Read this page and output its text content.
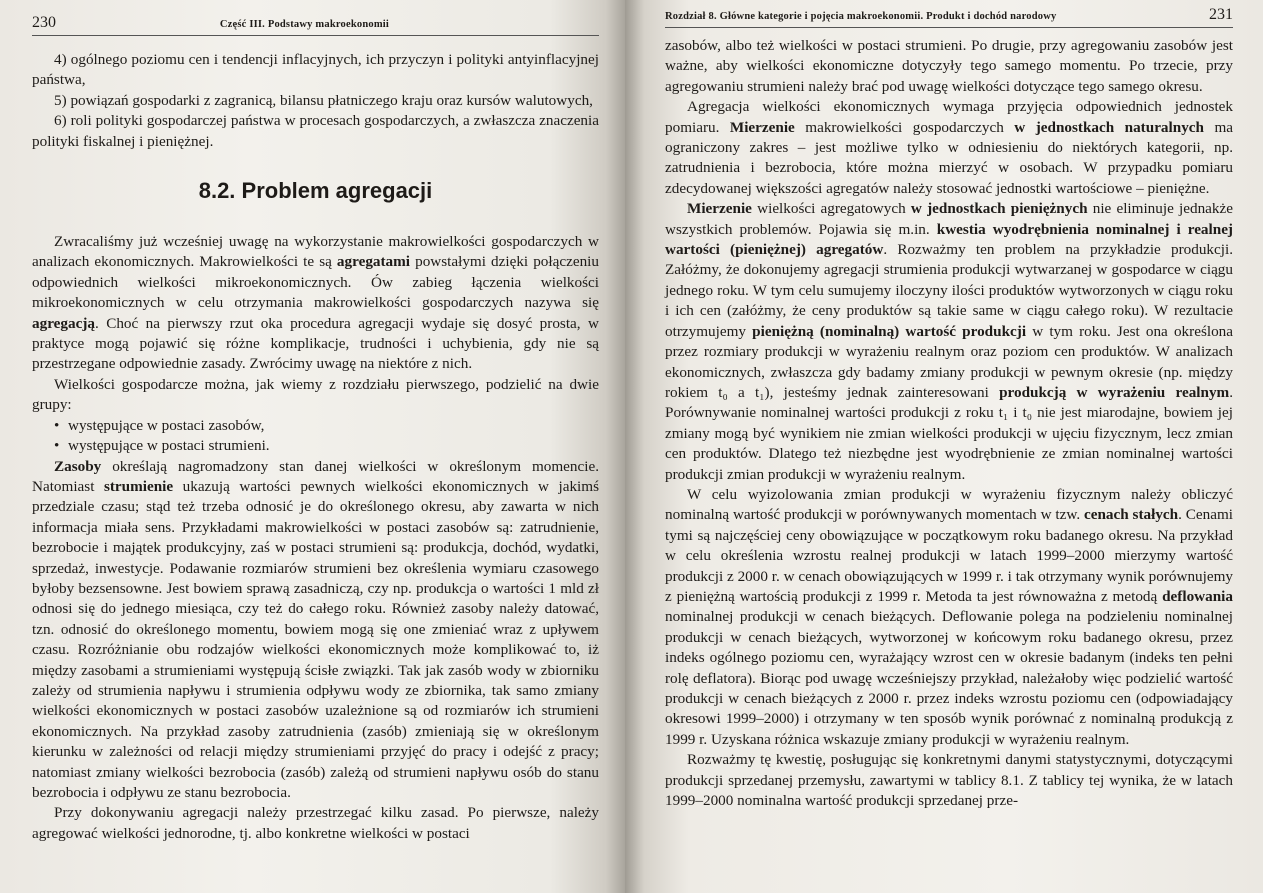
230	Część III. Podstawy makroekonomii

4) ogólnego poziomu cen i tendencji inflacyjnych, ich przyczyn i polityki antyinflacyjnej państwa,

5) powiązań gospodarki z zagranicą, bilansu płatniczego kraju oraz kursów walutowych,

6) roli polityki gospodarczej państwa w procesach gospodarczych, a zwłaszcza znaczenia polityki fiskalnej i pieniężnej.

8.2. Problem agregacji

Zwracaliśmy już wcześniej uwagę na wykorzystanie makrowielkości gospodarczych w analizach ekonomicznych. Makrowielkości te są agregatami powstałymi dzięki połączeniu odpowiednich wielkości mikroekonomicznych. Ów zabieg łączenia wielkości mikroekonomicznych w celu otrzymania makrowielkości gospodarczych nazywa się agregacją. Choć na pierwszy rzut oka procedura agregacji wydaje się dosyć prosta, w praktyce mogą pojawić się różne komplikacje, trudności i uchybienia, gdy nie są przestrzegane odpowiednie zasady. Zwrócimy uwagę na niektóre z nich.

Wielkości gospodarcze można, jak wiemy z rozdziału pierwszego, podzielić na dwie grupy:

• występujące w postaci zasobów,
• występujące w postaci strumieni.

Zasoby określają nagromadzony stan danej wielkości w określonym momencie. Natomiast strumienie ukazują wartości pewnych wielkości ekonomicznych w jakimś przedziale czasu; stąd też trzeba odnosić je do określonego okresu, aby zawarta w nich informacja miała sens. Przykładami makrowielkości w postaci zasobów są: zatrudnienie, bezrobocie i majątek produkcyjny, zaś w postaci strumieni są: produkcja, dochód, wydatki, sprzedaż, inwestycje. Podawanie rozmiarów strumieni bez określenia wymiaru czasowego byłoby bezsensowne. Jest bowiem sprawą zasadniczą, czy np. produkcja o wartości 1 mld zł odnosi się do jednego miesiąca, czy też do całego roku. Również zasoby należy datować, tzn. odnosić do określonego momentu, bowiem mogą się one zmieniać wraz z upływem czasu. Rozróżnianie obu rodzajów wielkości ekonomicznych może komplikować to, iż między zasobami a strumieniami występują ścisłe związki. Tak jak zasób wody w zbiorniku zależy od strumienia napływu i strumienia odpływu wody ze zbiornika, tak samo zmiany wielkości ekonomicznych w postaci zasobów uzależnione są od rozmiarów ich strumieni ekonomicznych. Na przykład zasoby zatrudnienia (zasób) zmieniają się w określonym kierunku w zależności od relacji między strumieniami przyjęć do pracy i odejść z pracy; natomiast zmiany wielkości bezrobocia (zasób) zależą od strumieni napływu osób do stanu bezrobocia i odpływu ze stanu bezrobocia.

Przy dokonywaniu agregacji należy przestrzegać kilku zasad. Po pierwsze, należy agregować wielkości jednorodne, tj. albo konkretne wielkości w postaci

Rozdział 8. Główne kategorie i pojęcia makroekonomii. Produkt i dochód narodowy	231

zasobów, albo też wielkości w postaci strumieni. Po drugie, przy agregowaniu zasobów jest ważne, aby wielkości ekonomiczne dotyczyły tego samego momentu. Po trzecie, przy agregowaniu strumieni należy brać pod uwagę wielkości dotyczące tego samego okresu.

Agregacja wielkości ekonomicznych wymaga przyjęcia odpowiednich jednostek pomiaru. Mierzenie makrowielkości gospodarczych w jednostkach naturalnych ma ograniczony zakres – jest możliwe tylko w odniesieniu do niektórych kategorii, np. zatrudnienia i bezrobocia, które można mierzyć w osobach. W przypadku pomiaru zdecydowanej większości agregatów należy stosować jednostki wartościowe – pieniężne.

Mierzenie wielkości agregatowych w jednostkach pieniężnych nie eliminuje jednakże wszystkich problemów. Pojawia się m.in. kwestia wyodrębnienia nominalnej i realnej wartości (pieniężnej) agregatów. Rozważmy ten problem na przykładzie produkcji. Załóżmy, że dokonujemy agregacji strumienia produkcji wytwarzanej w gospodarce w ciągu jednego roku. W tym celu sumujemy iloczyny ilości produktów wytworzonych w ciągu roku i ich cen (załóżmy, że ceny produktów są takie same w ciągu całego roku). W rezultacie otrzymujemy pieniężną (nominalną) wartość produkcji w tym roku. Jest ona określona przez rozmiary produkcji w wyrażeniu realnym oraz poziom cen produktów. W analizach ekonomicznych, zwłaszcza gdy badamy zmiany produkcji w pewnym okresie (np. między rokiem t₀ a t₁), jesteśmy jednak zainteresowani produkcją w wyrażeniu realnym. Porównywanie nominalnej wartości produkcji z roku t₁ i t₀ nie jest miarodajne, bowiem jej zmiany mogą być wynikiem nie zmian wielkości produkcji w ujęciu fizycznym, lecz zmian cen produktów. Dlatego też niezbędne jest wyodrębnienie ze zmian nominalnej wartości produkcji zmian produkcji w wyrażeniu realnym.

W celu wyizolowania zmian produkcji w wyrażeniu fizycznym należy obliczyć nominalną wartość produkcji w porównywanych momentach w tzw. cenach stałych. Cenami tymi są najczęściej ceny obowiązujące w początkowym roku badanego okresu. Na przykład w celu określenia wzrostu realnej produkcji w latach 1999–2000 mierzymy wartość produkcji z 2000 r. w cenach obowiązujących w 1999 r. i tak otrzymany wynik porównujemy z pieniężną wartością produkcji z 1999 r. Metoda ta jest równoważna z metodą deflowania nominalnej produkcji w cenach bieżących. Deflowanie polega na podzieleniu nominalnej produkcji w cenach bieżących, wytworzonej w końcowym roku badanego okresu, przez indeks ogólnego poziomu cen, wyrażający wzrost cen w okresie badanym (indeks ten pełni rolę deflatora). Biorąc pod uwagę wcześniejszy przykład, należałoby więc podzielić wartość produkcji w cenach bieżących z 2000 r. przez indeks wzrostu poziomu cen (odpowiadający okresowi 1999–2000) i otrzymany w ten sposób wynik porównać z nominalną produkcją z 1999 r. Uzyskana różnica wskazuje zmiany produkcji w wyrażeniu realnym.

Rozważmy tę kwestię, posługując się konkretnymi danymi statystycznymi, dotyczącymi produkcji sprzedanej przemysłu, zawartymi w tablicy 8.1. Z tablicy tej wynika, że w latach 1999–2000 nominalna wartość produkcji sprzedanej prze-
